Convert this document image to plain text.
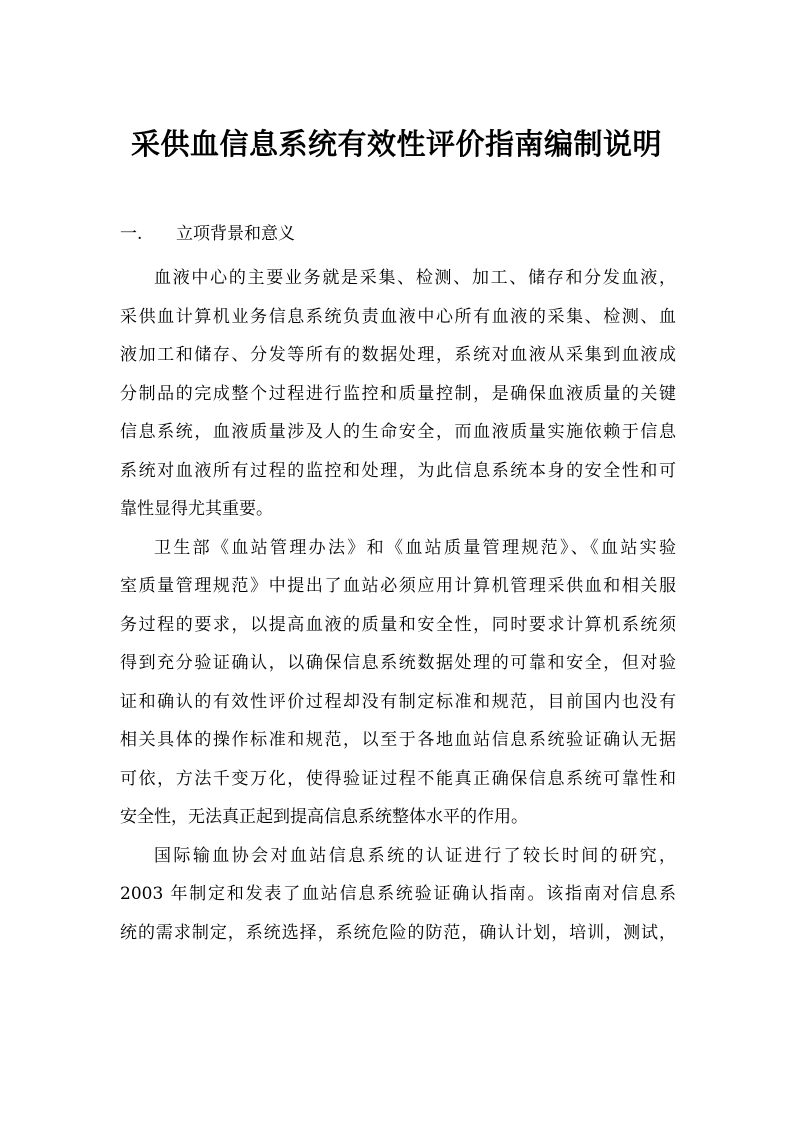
采供血信息系统有效性评价指南编制说明
一. 立项背景和意义
血液中心的主要业务就是采集、检测、加工、储存和分发血液，
采供血计算机业务信息系统负责血液中心所有血液的采集、检测、血
液加工和储存、分发等所有的数据处理，系统对血液从采集到血液成
分制品的完成整个过程进行监控和质量控制，是确保血液质量的关键
信息系统，血液质量涉及人的生命安全，而血液质量实施依赖于信息
系统对血液所有过程的监控和处理，为此信息系统本身的安全性和可
靠性显得尤其重要。
卫生部《血站管理办法》和《血站质量管理规范》、《血站实验
室质量管理规范》中提出了血站必须应用计算机管理采供血和相关服
务过程的要求，以提高血液的质量和安全性，同时要求计算机系统须
得到充分验证确认，以确保信息系统数据处理的可靠和安全，但对验
证和确认的有效性评价过程却没有制定标准和规范，目前国内也没有
相关具体的操作标准和规范，以至于各地血站信息系统验证确认无据
可依，方法千变万化，使得验证过程不能真正确保信息系统可靠性和
安全性，无法真正起到提高信息系统整体水平的作用。
国际输血协会对血站信息系统的认证进行了较长时间的研究，
2003 年制定和发表了血站信息系统验证确认指南。该指南对信息系
统的需求制定，系统选择，系统危险的防范，确认计划，培训，测试，
